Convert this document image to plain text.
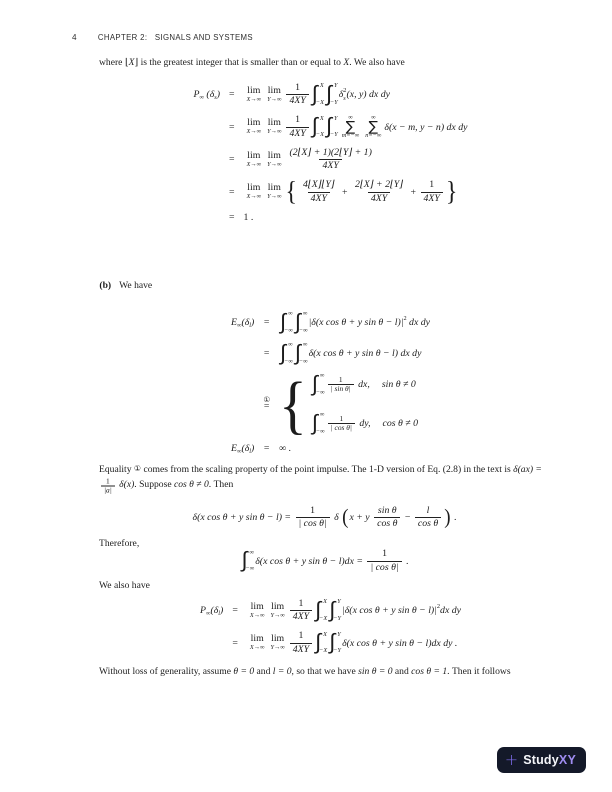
4	CHAPTER 2:   SIGNALS AND SYSTEMS

where ⌊X⌋ is the greatest integer that is smaller than or equal to X. We also have

P ∞ ( δ s ) = lim
X→∞
lim
Y→∞
1
4XY ∫ X
−X ∫ Y
−Y
δ 2
s (x, y) dx dy
= lim
X→∞
lim
Y→∞
1
4XY ∫ X
−X ∫ Y
−Y
∞
∑
m=−∞
∞
∑
n=−∞
δ(x − m, y − n) dx dy
= lim
X→∞
lim
Y→∞
(2⌊X⌋ + 1)(2⌊Y⌋ + 1)
4XY
= lim
X→∞
lim
Y→∞ { 4⌊X⌋⌊Y⌋
4XY
+ $\frac{2⌊X⌋ + 2⌊Y⌋}{4XY} + \frac{1}{4XY}$ }
= 1 .

(b) We have

E ∞ ( δ l ) = ∫ ∞
−∞ ∫ ∞
−∞
|δ(x cos θ + y sin θ − l)| 2 dx dy
= ∫ ∞
−∞ ∫ ∞
−∞
δ(x cos θ + y sin θ − l) dx dy
①
= { ∫ ∞
−∞
1
| sin θ| dx, sin θ ≠ 0
∫ ∞
−∞
1
| cos θ| dy, cos θ ≠ 0
E ∞ ( δ l ) = ∞ .

Equality ① comes from the scaling property of the point impulse. The 1-D version of Eq. (2.8) in the text is δ(ax) =
$\frac{1}{|a|} \delta(x)$. Suppose cos θ ≠ 0. Then

δ(x cos θ + y $\sin \theta - l) = \frac{1}{\text{| cos θ|}}$ δ ( x + y
sin θ
cos θ
− $\frac{l}{\text{cos θ}}$ ) .

Therefore,

∫ ∞
−∞
δ(x cos θ + y $\sin \theta - l)dx = \frac{1}{\text{| cos θ|}}$ .

We also have

P ∞ ( δ l ) = lim
X→∞
lim
Y→∞
1
4XY ∫ X
−X ∫ Y
−Y
|δ(x cos θ + y sin θ − l)| 2 dx dy
= lim
X→∞
lim
Y→∞
1
4XY ∫ X
−X ∫ Y
−Y
δ(x cos θ + y sin θ − l)dx dy .

Without loss of generality, assume θ = 0 and l = 0, so that we have sin θ = 0 and cos θ = 1. Then it follows

+ StudyXY
